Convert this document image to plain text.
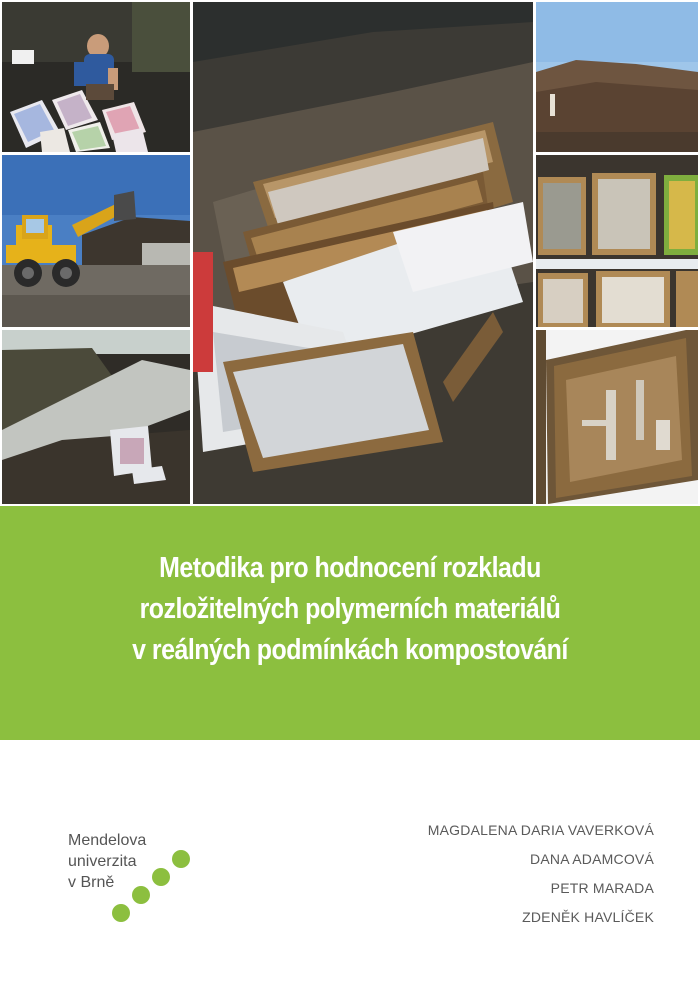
Metodika pro hodnocení rozkladu
rozložitelných polymerních materiálů
v reálných podmínkách kompostování
Mendelova
univerzita
v Brně
MAGDALENA DARIA VAVERKOVÁ
DANA ADAMCOVÁ
PETR MARADA
ZDENĚK HAVLÍČEK
